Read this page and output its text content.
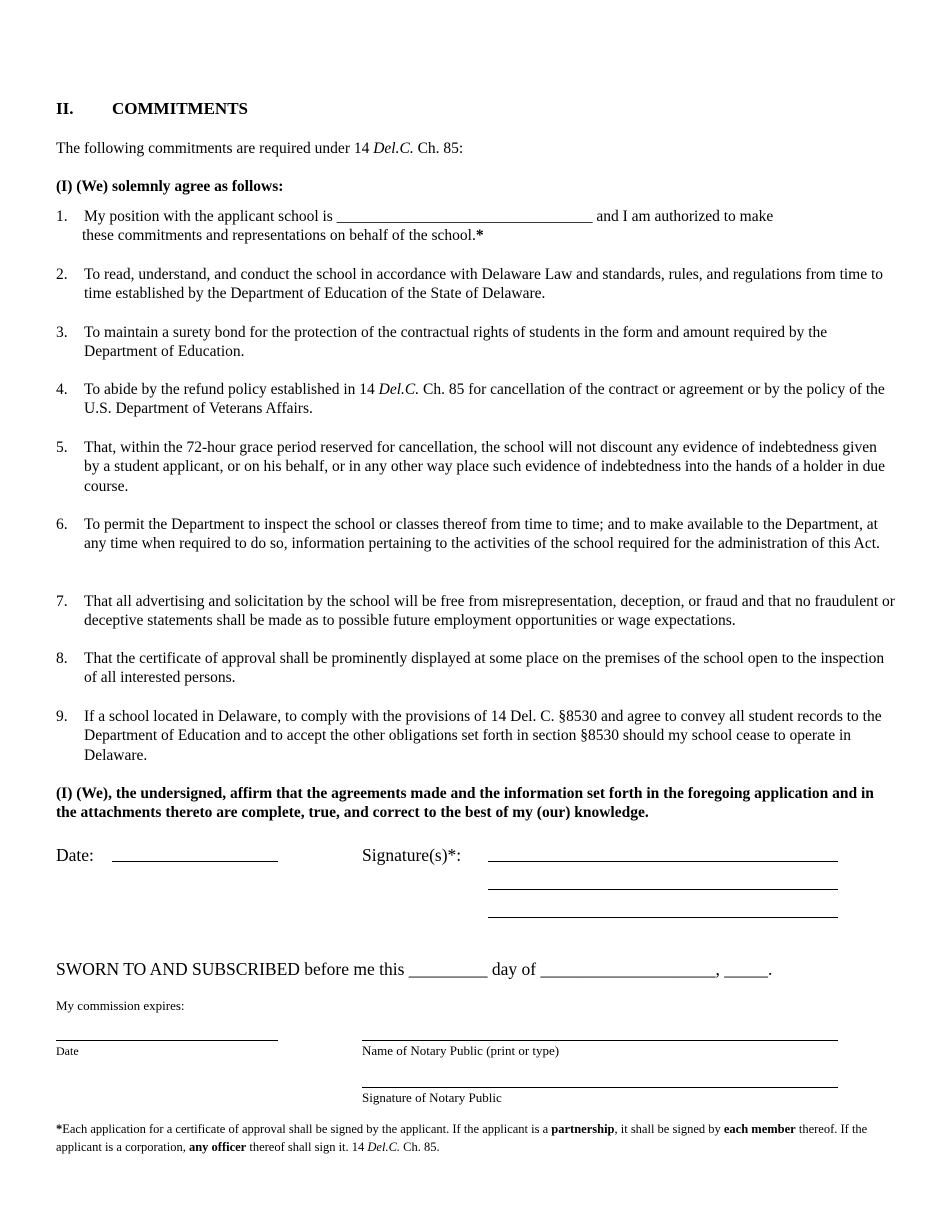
II. COMMITMENTS
The following commitments are required under 14 Del.C. Ch. 85:
(I) (We) solemnly agree as follows:
1. My position with the applicant school is _________________________________ and I am authorized to make
these commitments and representations on behalf of the school.*
2. To read, understand, and conduct the school in accordance with Delaware Law and standards, rules, and regulations from time to time established by the Department of Education of the State of Delaware.
3. To maintain a surety bond for the protection of the contractual rights of students in the form and amount required by the Department of Education.
4. To abide by the refund policy established in 14 Del.C. Ch. 85 for cancellation of the contract or agreement or by the policy of the U.S. Department of Veterans Affairs.
5. That, within the 72-hour grace period reserved for cancellation, the school will not discount any evidence of indebtedness given by a student applicant, or on his behalf, or in any other way place such evidence of indebtedness into the hands of a holder in due course.
6. To permit the Department to inspect the school or classes thereof from time to time; and to make available to the Department, at any time when required to do so, information pertaining to the activities of the school required for the administration of this Act.
7. That all advertising and solicitation by the school will be free from misrepresentation, deception, or fraud and that no fraudulent or deceptive statements shall be made as to possible future employment opportunities or wage expectations.
8. That the certificate of approval shall be prominently displayed at some place on the premises of the school open to the inspection of all interested persons.
9. If a school located in Delaware, to comply with the provisions of 14 Del. C. §8530 and agree to convey all student records to the Department of Education and to accept the other obligations set forth in section §8530 should my school cease to operate in Delaware.
(I) (We), the undersigned, affirm that the agreements made and the information set forth in the foregoing application and in the attachments thereto are complete, true, and correct to the best of my (our) knowledge.
Date:	Signature(s)*:
SWORN TO AND SUBSCRIBED before me this _________ day of ____________________, _____.
My commission expires:
Date	Name of Notary Public (print or type)
Signature of Notary Public
*Each application for a certificate of approval shall be signed by the applicant. If the applicant is a partnership, it shall be signed by each member thereof. If the applicant is a corporation, any officer thereof shall sign it. 14 Del.C. Ch. 85.
